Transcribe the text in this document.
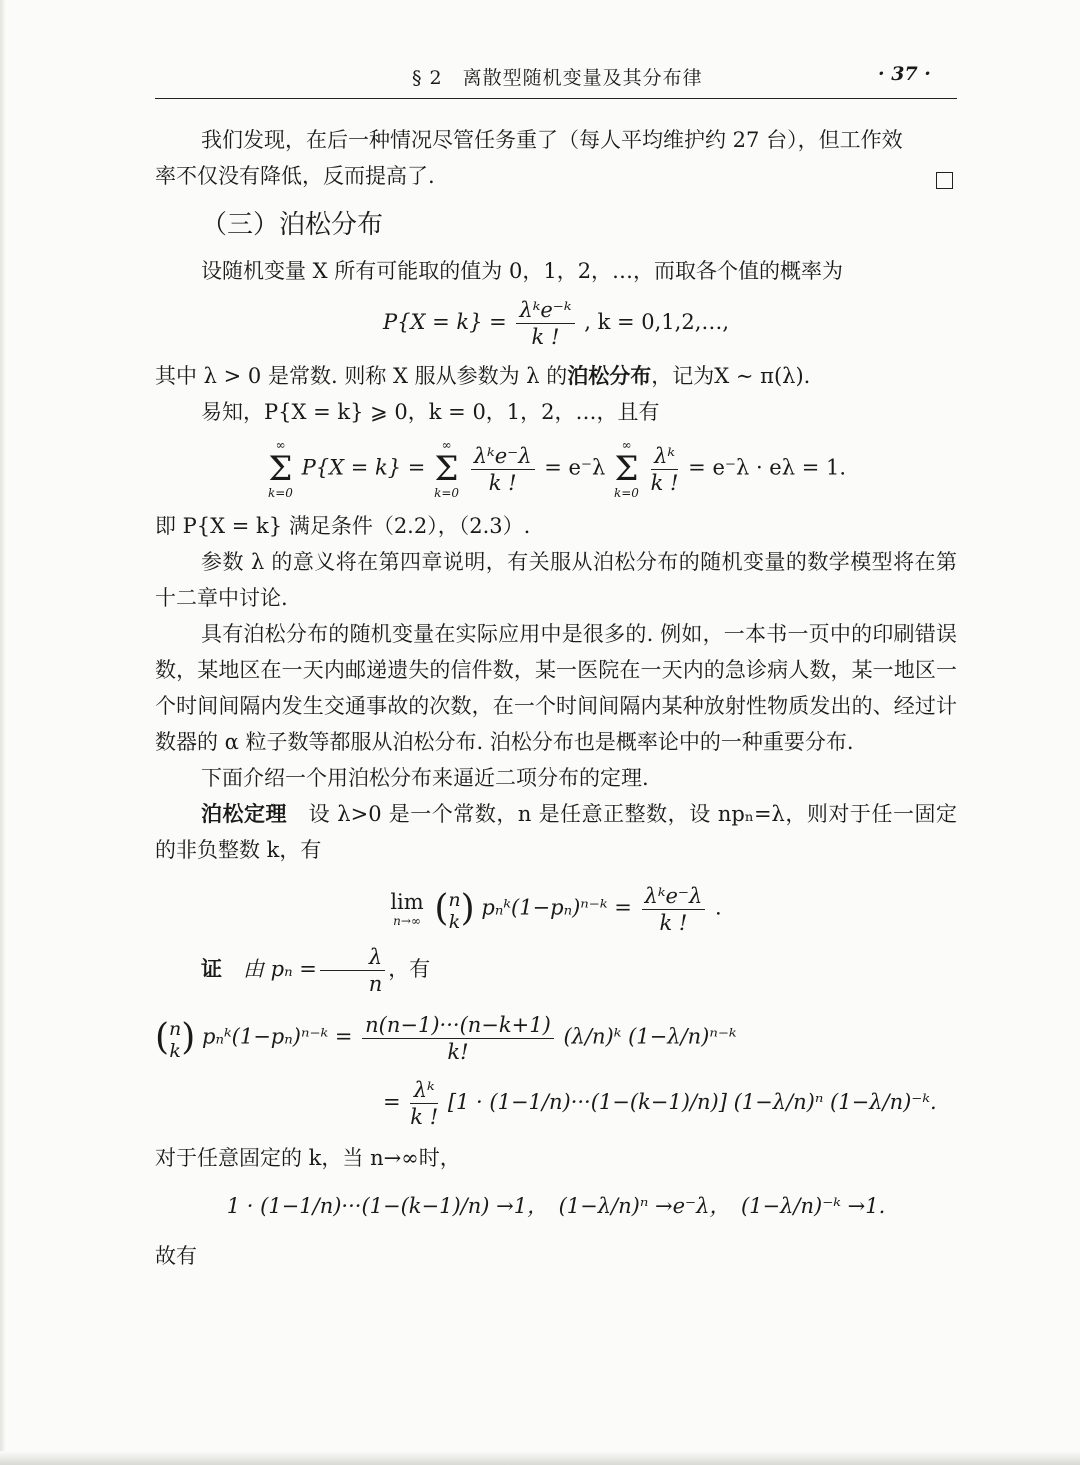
§ 2　离散型随机变量及其分布律	· 37 ·

我们发现，在后一种情况尽管任务重了（每人平均维护约 27 台），但工作效

率不仅没有降低，反而提高了.

（三）泊松分布

设随机变量 X 所有可能取的值为 0，1，2，…，而取各个值的概率为

$P\{X = k\} = \frac{\text{λᵏe⁻ᵏ}}{k !}$ , k = 0,1,2,…,

其中 λ > 0 是常数. 则称 X 服从参数为 λ 的泊松分布，记为X ∼ π(λ).

易知，P{X = k} ⩾ 0，k = 0，1，2，…，且有

∞
Σ
k=0
P{X = k} =
∞
Σ
k=0
$\frac{\text{λᵏe⁻λ}}{k !} = e^-\lambda$
∞
Σ
k=0
$\frac{\text{λᵏ}}{k !} = e^-\lambda \cdot e\lambda = 1$.

即 P{X = k} 满足条件（2.2），（2.3）.

参数 λ 的意义将在第四章说明，有关服从泊松分布的随机变量的数学模型将在第十二章中讨论.

具有泊松分布的随机变量在实际应用中是很多的. 例如，一本书一页中的印刷错误数，某地区在一天内邮递遗失的信件数，某一医院在一天内的急诊病人数，某一地区一个时间间隔内发生交通事故的次数，在一个时间间隔内某种放射性物质发出的、经过计数器的 α 粒子数等都服从泊松分布. 泊松分布也是概率论中的一种重要分布.

下面介绍一个用泊松分布来逼近二项分布的定理.

泊松定理　设 λ>0 是一个常数，n 是任意正整数，设 npₙ=λ，则对于任一固定的非负整数 k，有

lim
n→∞ (n
k) pₙᵏ(1−pₙ)ⁿ⁻ᵏ = $\frac{\text{λᵏe⁻λ}}{k !}$ .

证　由 $p_n = \frac{\lambda}{n}$ ，有

(n
k) pₙᵏ(1−pₙ)ⁿ⁻ᵏ = $\frac{n(n-1)\cdot\cdot\cdot(n-k+1)}{k!}$ (λ/n)ᵏ (1−λ/n)ⁿ⁻ᵏ
= $\frac{\text{λᵏ}}{k !} [1 \cdot (1-1/n)\cdot\cdot\cdot(1-(k-1)/n)]$ (1−λ/n)ⁿ (1−λ/n)⁻ᵏ.

对于任意固定的 k，当 n→∞时，

1 · (1−1/n)···(1−(k−1)/n) →1，　(1−λ/n)ⁿ →e⁻λ，　(1−λ/n)⁻ᵏ →1.

故有
